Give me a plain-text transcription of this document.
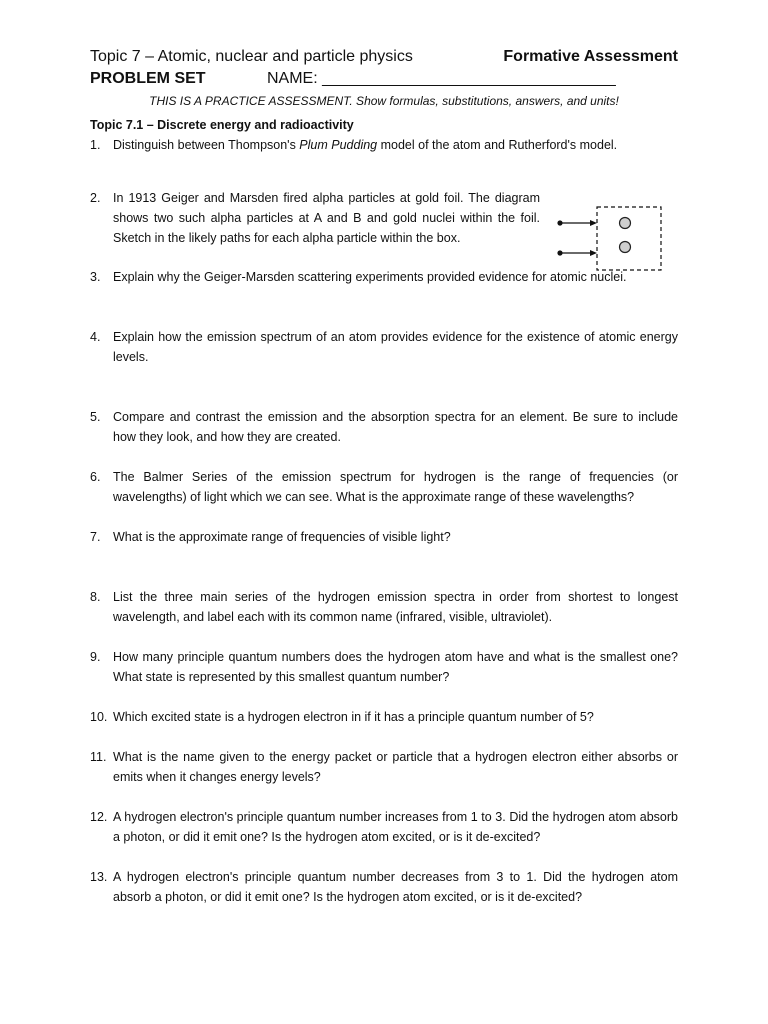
Topic 7 – Atomic, nuclear and particle physics	Formative Assessment
PROBLEM SET	NAME: _________________________________
THIS IS A PRACTICE ASSESSMENT. Show formulas, substitutions, answers, and units!
Topic 7.1 – Discrete energy and radioactivity
1. Distinguish between Thompson's Plum Pudding model of the atom and Rutherford's model.
2. In 1913 Geiger and Marsden fired alpha particles at gold foil. The diagram shows two such alpha particles at A and B and gold nuclei within the foil. Sketch in the likely paths for each alpha particle within the box.
3. Explain why the Geiger-Marsden scattering experiments provided evidence for atomic nuclei.
4. Explain how the emission spectrum of an atom provides evidence for the existence of atomic energy levels.
5. Compare and contrast the emission and the absorption spectra for an element. Be sure to include how they look, and how they are created.
6. The Balmer Series of the emission spectrum for hydrogen is the range of frequencies (or wavelengths) of light which we can see. What is the approximate range of these wavelengths?
7. What is the approximate range of frequencies of visible light?
8. List the three main series of the hydrogen emission spectra in order from shortest to longest wavelength, and label each with its common name (infrared, visible, ultraviolet).
9. How many principle quantum numbers does the hydrogen atom have and what is the smallest one? What state is represented by this smallest quantum number?
10. Which excited state is a hydrogen electron in if it has a principle quantum number of 5?
11. What is the name given to the energy packet or particle that a hydrogen electron either absorbs or emits when it changes energy levels?
12. A hydrogen electron's principle quantum number increases from 1 to 3. Did the hydrogen atom absorb a photon, or did it emit one? Is the hydrogen atom excited, or is it de-excited?
13. A hydrogen electron's principle quantum number decreases from 3 to 1. Did the hydrogen atom absorb a photon, or did it emit one? Is the hydrogen atom excited, or is it de-excited?
